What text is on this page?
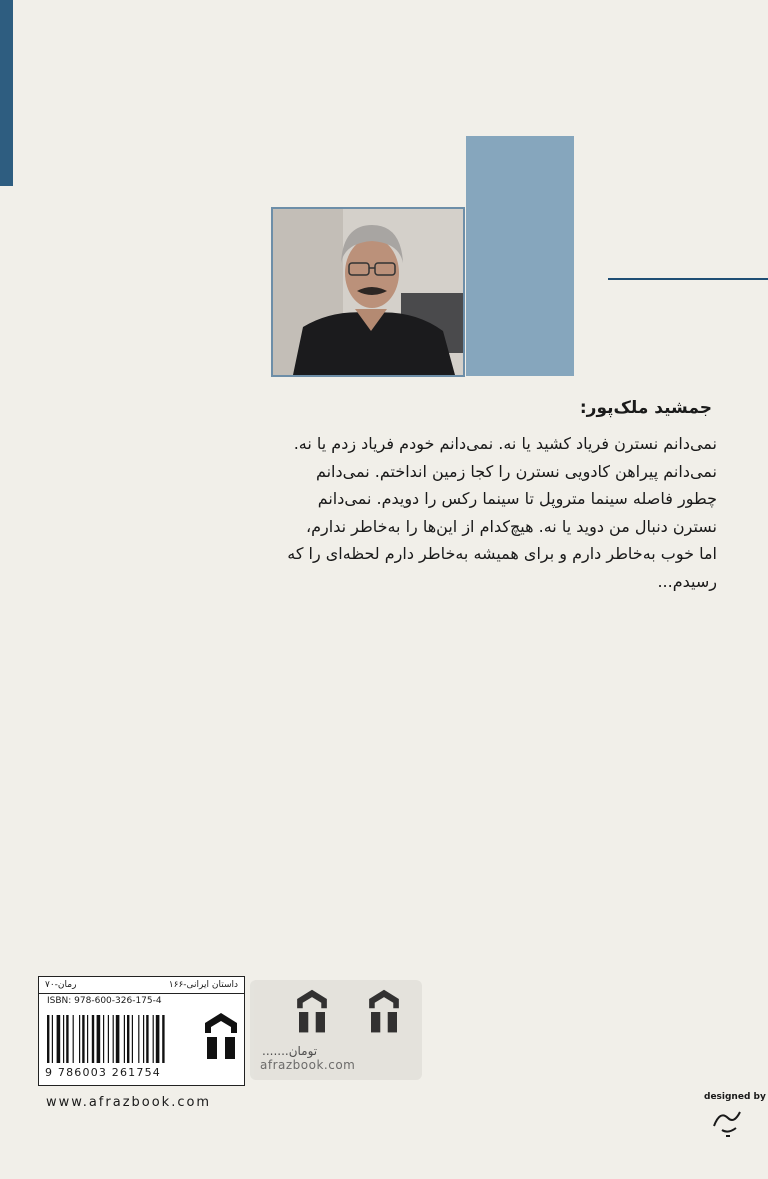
جمشید ملک‌پور:
نمی‌دانم نسترن فریاد کشید یا نه. نمی‌دانم خودم فریاد زدم یا نه.
نمی‌دانم پیراهن کادویی نسترن را کجا زمین انداختم. نمی‌دانم
چطور فاصله سینما متروپل تا سینما رکس را دویدم. نمی‌دانم
نسترن دنبال من دوید یا نه. هیچ‌کدام از این‌ها را به‌خاطر ندارم،
اما خوب به‌خاطر دارم و برای همیشه به‌خاطر دارم لحظه‌ای را که
رسیدم...
داستان ایرانی-۱۶۶
رمان-۷۰
ISBN: 978-600-326-175-4
9 786003 261754
تومان.......
afrazbook.com
www.afrazbook.com	designed by
